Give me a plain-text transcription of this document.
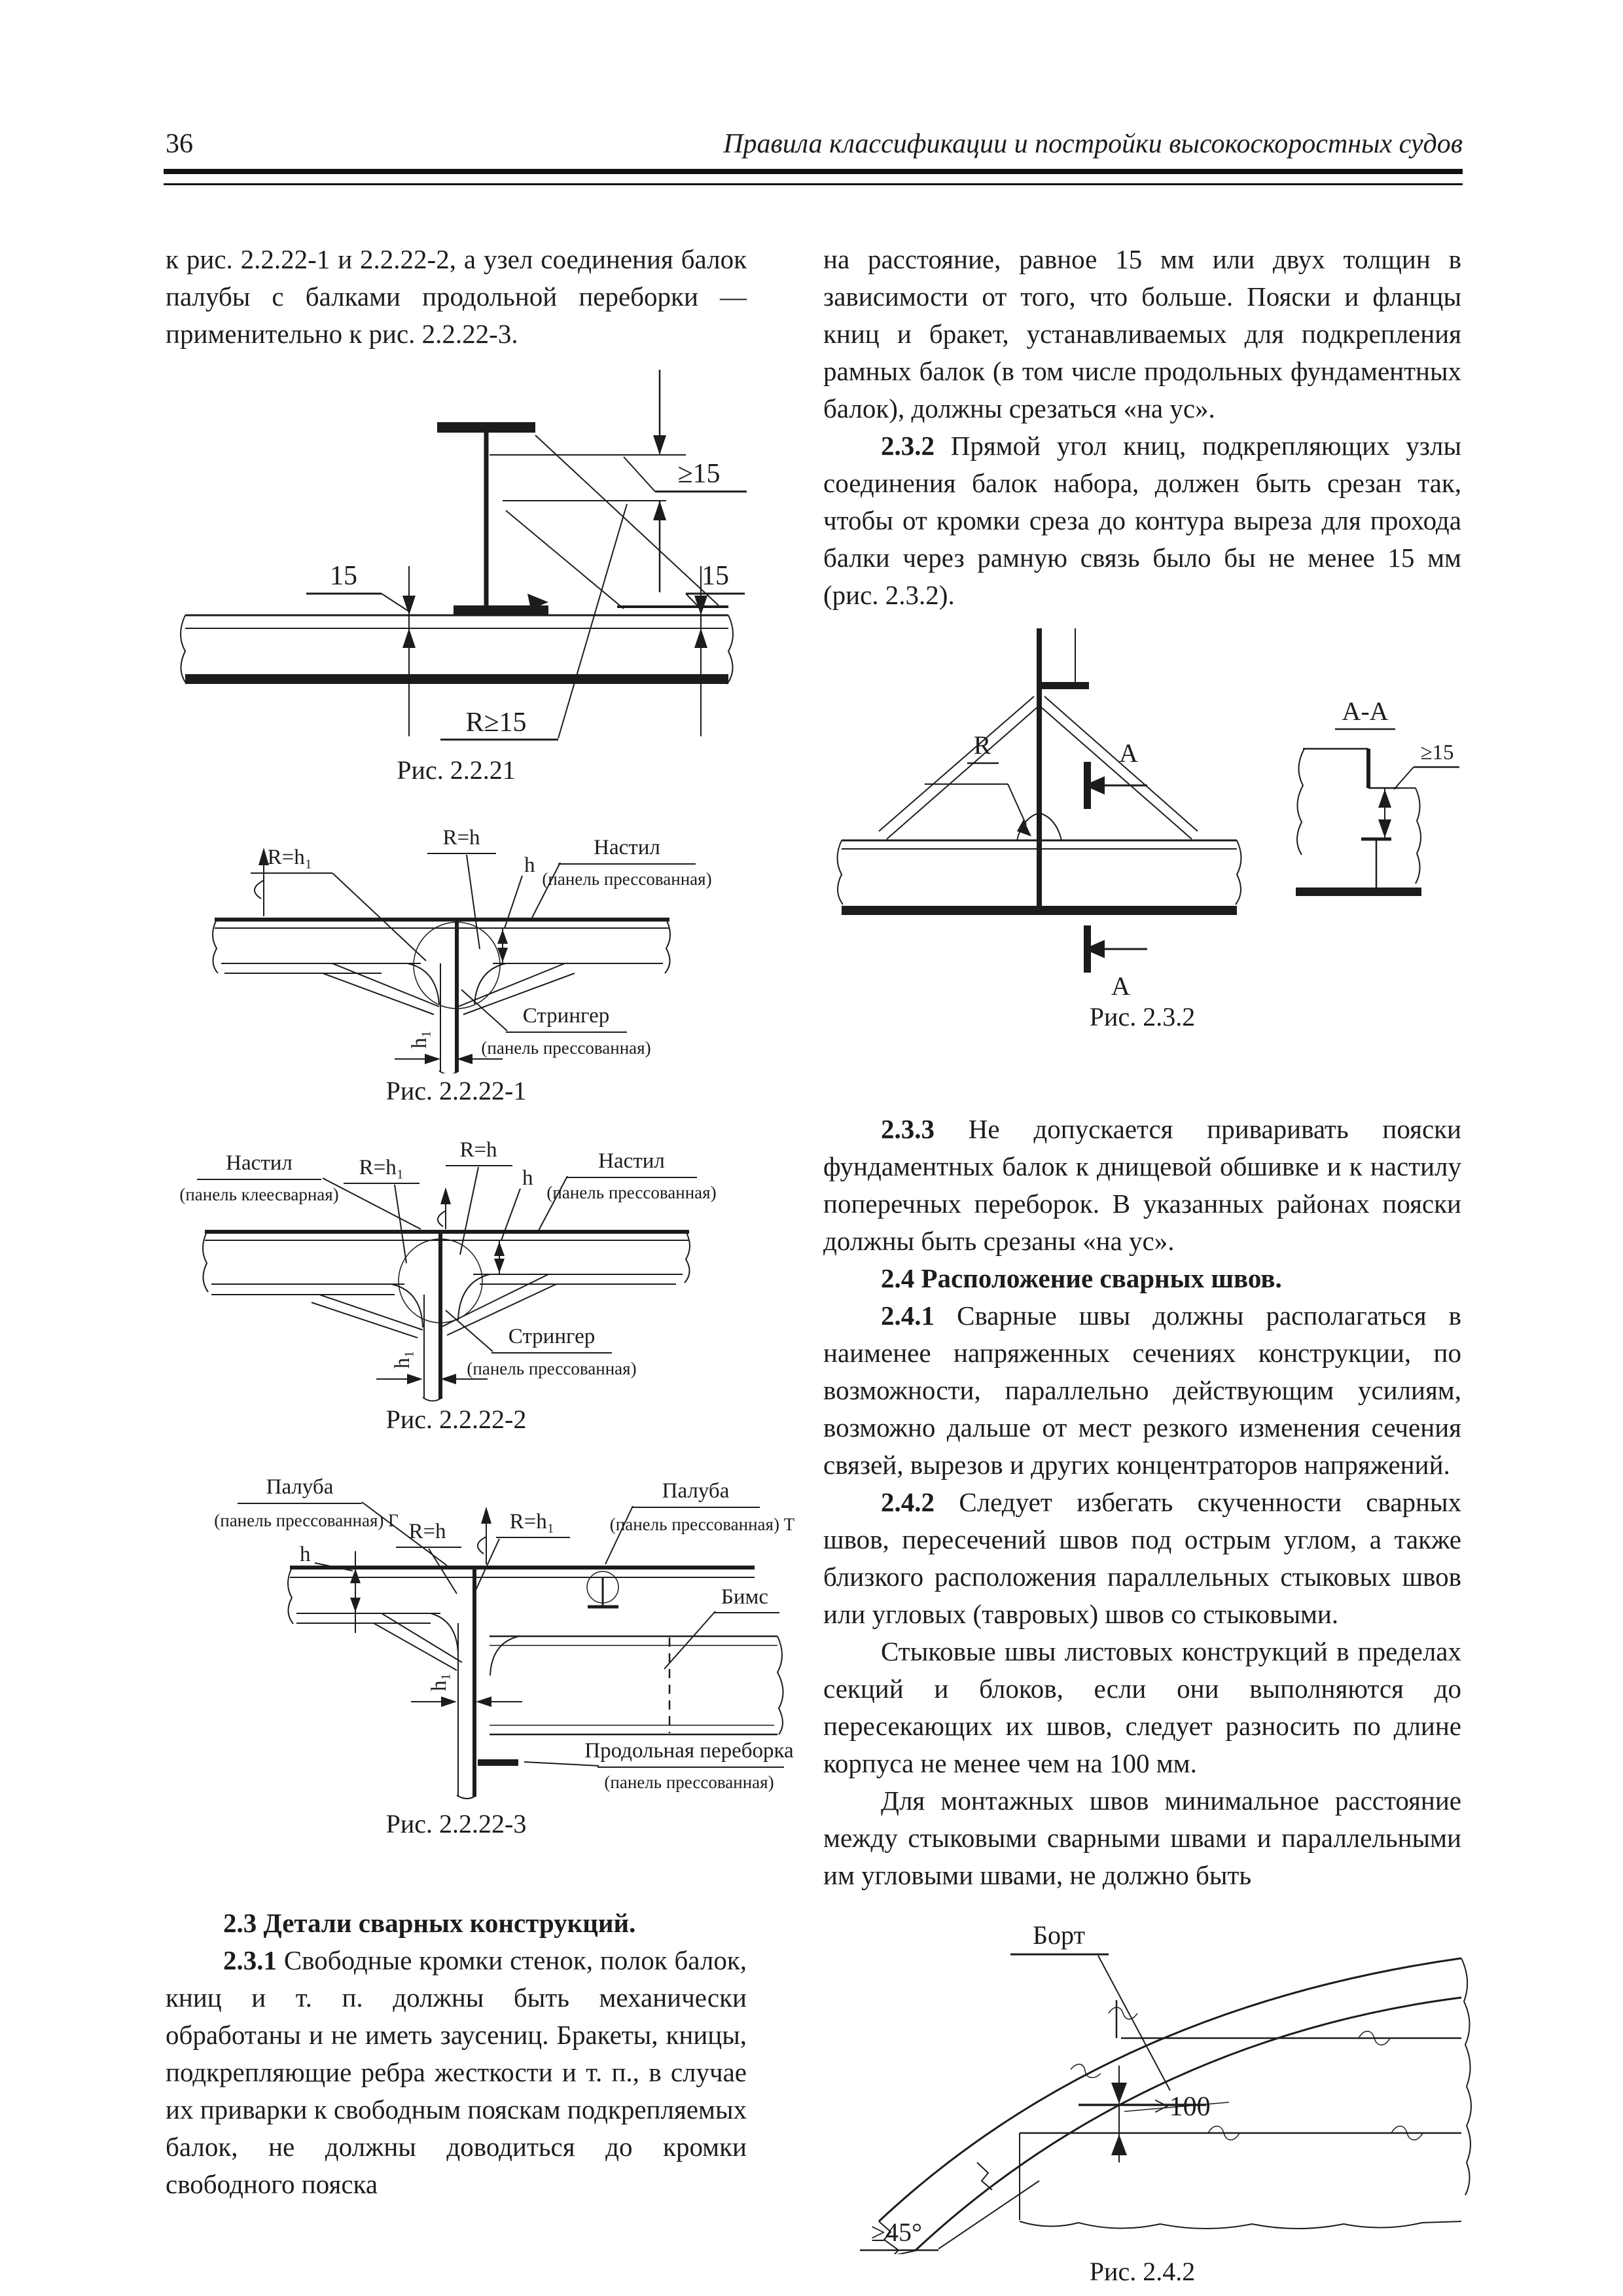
36	Правила классификации и постройки высокоскоростных судов

к рис. 2.2.22-1 и 2.2.22-2, а узел соединения балок палубы с балками продольной переборки — применительно к рис. 2.2.22-3.

≥15
15	15
R≥15
Рис. 2.2.21
R=h₁
R=h
h
Настил
(панель прессованная)
Стрингер
(панель прессованная)
h₁
Рис. 2.2.22-1
Настил
(панель клеесварная)
R=h₁
R=h
h
Настил
(панель прессованная)
Стрингер
(панель прессованная)
h₁
Рис. 2.2.22-2
Палуба
(панель прессованная) Г
h
R=h	R=h₁
Палуба
(панель прессованная) Т
Бимс
h₁
Продольная переборка
(панель прессованная)
Рис. 2.2.22-3

2.3 Детали сварных конструкций.

2.3.1 Свободные кромки стенок, полок балок, книц и т. п. должны быть механически обработаны и не иметь заусениц. Бракеты, кницы, подкрепляющие ребра жесткости и т. п., в случае их приварки к свободным пояскам подкрепляемых балок, не должны доводиться до кромки свободного пояска

на расстояние, равное 15 мм или двух толщин в зависимости от того, что больше. Пояски и фланцы книц и бракет, устанавливаемых для подкрепления рамных балок (в том числе продольных фундаментных балок), должны срезаться «на ус».

2.3.2 Прямой угол книц, подкрепляющих узлы соединения балок набора, должен быть срезан так, чтобы от кромки среза до контура выреза для прохода балки через рамную связь было бы не менее 15 мм (рис. 2.3.2).

R	A
A
A-A
≥15
Рис. 2.3.2

2.3.3 Не допускается приваривать пояски фундаментных балок к днищевой обшивке и к настилу поперечных переборок. В указанных районах пояски должны быть срезаны «на ус».

2.4 Расположение сварных швов.

2.4.1 Сварные швы должны располагаться в наименее напряженных сечениях конструкции, по возможности, параллельно действующим усилиям, возможно дальше от мест резкого изменения сечения связей, вырезов и других концентраторов напряжений.

2.4.2 Следует избегать скученности сварных швов, пересечений швов под острым углом, а также близкого расположения параллельных стыковых швов или угловых (тавровых) швов со стыковыми.

Стыковые швы листовых конструкций в пределах секций и блоков, если они выполняются до пересекающих их швов, следует разносить по длине корпуса не менее чем на 100 мм.

Для монтажных швов минимальное расстояние между стыковыми сварными швами и параллельными им угловыми швами, не должно быть

Борт
>100
≥45°
Рис. 2.4.2
